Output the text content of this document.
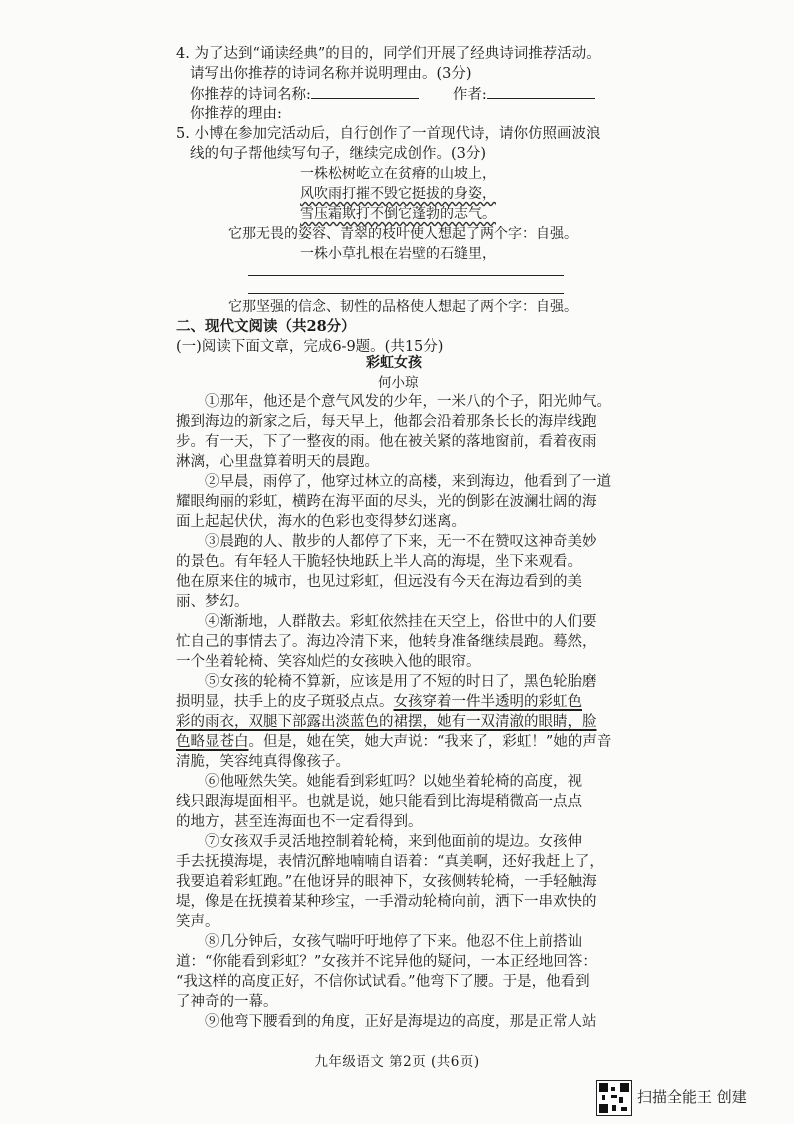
4. 为了达到“诵读经典”的目的，同学们开展了经典诗词推荐活动。
请写出你推荐的诗词名称并说明理由。(3分)
你推荐的诗词名称:	作者:
你推荐的理由:
5. 小博在参加完活动后，自行创作了一首现代诗，请你仿照画波浪
线的句子帮他续写句子，继续完成创作。(3分)
一株松树屹立在贫瘠的山坡上，
风吹雨打摧不毁它挺拔的身姿，
雪压霜欺打不倒它蓬勃的志气。
它那无畏的姿容、青翠的枝叶使人想起了两个字：自强。
一株小草扎根在岩壁的石缝里，
它那坚强的信念、韧性的品格使人想起了两个字：自强。
二、现代文阅读（共28分）
(一)阅读下面文章，完成6-9题。(共15分)
彩虹女孩
何小琼
①那年，他还是个意气风发的少年，一米八的个子，阳光帅气。
搬到海边的新家之后，每天早上，他都会沿着那条长长的海岸线跑
步。有一天，下了一整夜的雨。他在被关紧的落地窗前，看着夜雨
淋漓，心里盘算着明天的晨跑。
②早晨，雨停了，他穿过林立的高楼，来到海边，他看到了一道
耀眼绚丽的彩虹，横跨在海平面的尽头，光的倒影在波澜壮阔的海
面上起起伏伏，海水的色彩也变得梦幻迷离。
③晨跑的人、散步的人都停了下来，无一不在赞叹这神奇美妙
的景色。有年轻人干脆轻快地跃上半人高的海堤，坐下来观看。
他在原来住的城市，也见过彩虹，但远没有今天在海边看到的美
丽、梦幻。
④渐渐地，人群散去。彩虹依然挂在天空上，俗世中的人们要
忙自己的事情去了。海边冷清下来，他转身准备继续晨跑。蓦然，
一个坐着轮椅、笑容灿烂的女孩映入他的眼帘。
⑤女孩的轮椅不算新，应该是用了不短的时日了，黑色轮胎磨
损明显，扶手上的皮子斑驳点点。女孩穿着一件半透明的彩虹色
彩的雨衣，双腿下部露出淡蓝色的裙摆，她有一双清澈的眼睛，脸
色略显苍白。但是，她在笑，她大声说：“我来了，彩虹！”她的声音
清脆，笑容纯真得像孩子。
⑥他哑然失笑。她能看到彩虹吗？以她坐着轮椅的高度，视
线只跟海堤面相平。也就是说，她只能看到比海堤稍微高一点点
的地方，甚至连海面也不一定看得到。
⑦女孩双手灵活地控制着轮椅，来到他面前的堤边。女孩伸
手去抚摸海堤，表情沉醉地喃喃自语着：“真美啊，还好我赶上了，
我要追着彩虹跑。”在他讶异的眼神下，女孩侧转轮椅，一手轻触海
堤，像是在抚摸着某种珍宝，一手滑动轮椅向前，洒下一串欢快的
笑声。
⑧几分钟后，女孩气喘吁吁地停了下来。他忍不住上前搭讪
道：“你能看到彩虹？”女孩并不诧异他的疑问，一本正经地回答：
“我这样的高度正好，不信你试试看。”他弯下了腰。于是，他看到
了神奇的一幕。
⑨他弯下腰看到的角度，正好是海堤边的高度，那是正常人站
九年级语文 第2页 (共6页)
扫描全能王 创建
